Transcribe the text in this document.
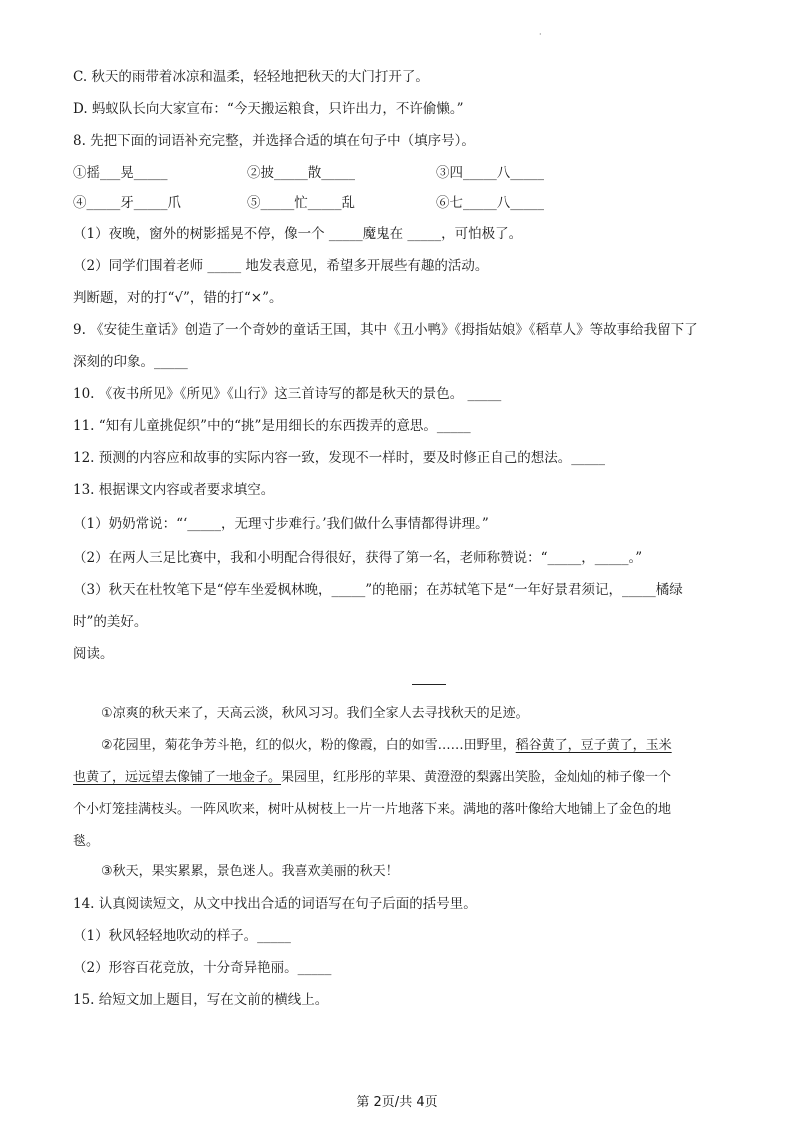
·
C. 秋天的雨带着冰凉和温柔，轻轻地把秋天的大门打开了。
D. 蚂蚁队长向大家宣布：“今天搬运粮食，只许出力，不许偷懒。”
8. 先把下面的词语补充完整，并选择合适的填在句子中（填序号）。
①摇___晃_____	②披_____散_____	③四_____八_____
④_____牙_____爪	⑤_____忙_____乱	⑥七_____八_____
（1）夜晚，窗外的树影摇晃不停，像一个 _____魔鬼在 _____，可怕极了。
（2）同学们围着老师 _____ 地发表意见，希望多开展些有趣的活动。
判断题，对的打“√”，错的打“×”。
9. 《安徒生童话》创造了一个奇妙的童话王国，其中《丑小鸭》《拇指姑娘》《稻草人》等故事给我留下了
深刻的印象。_____
10. 《夜书所见》《所见》《山行》这三首诗写的都是秋天的景色。 _____
11. “知有儿童挑促织”中的“挑”是用细长的东西拨弄的意思。_____
12. 预测的内容应和故事的实际内容一致，发现不一样时，要及时修正自己的想法。_____
13. 根据课文内容或者要求填空。
（1）奶奶常说：“‘_____，无理寸步难行。’我们做什么事情都得讲理。”
（2）在两人三足比赛中，我和小明配合得很好，获得了第一名，老师称赞说：“_____，_____。”
（3）秋天在杜牧笔下是“停车坐爱枫林晚，_____”的艳丽；在苏轼笔下是“一年好景君须记，_____橘绿
时”的美好。
阅读。
①凉爽的秋天来了，天高云淡，秋风习习。我们全家人去寻找秋天的足迹。
②花园里，菊花争芳斗艳，红的似火，粉的像霞，白的如雪……田野里，稻谷黄了，豆子黄了，玉米
也黄了，远远望去像铺了一地金子。果园里，红彤彤的苹果、黄澄澄的梨露出笑脸，金灿灿的柿子像一个
个小灯笼挂满枝头。一阵风吹来，树叶从树枝上一片一片地落下来。满地的落叶像给大地铺上了金色的地
毯。
③秋天，果实累累，景色迷人。我喜欢美丽的秋天！
14. 认真阅读短文，从文中找出合适的词语写在句子后面的括号里。
（1）秋风轻轻地吹动的样子。_____
（2）形容百花竞放，十分奇异艳丽。_____
15. 给短文加上题目，写在文前的横线上。
第 2页/共 4页
